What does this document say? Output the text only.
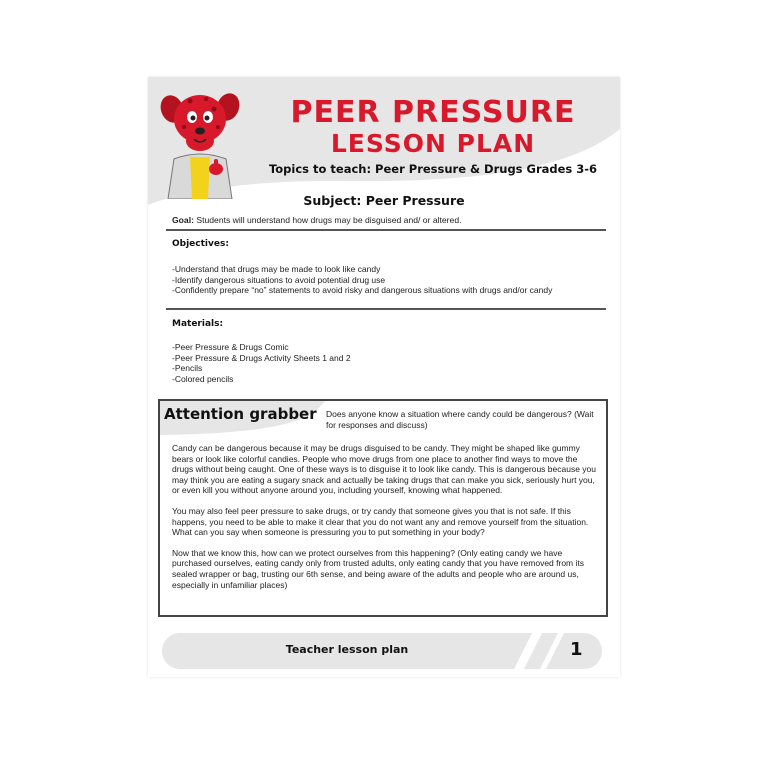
PEER PRESSURE
LESSON PLAN
Topics to teach: Peer Pressure & Drugs Grades 3-6
Subject: Peer Pressure
Goal: Students will understand how drugs may be disguised and/ or altered.
Objectives:
-Understand that drugs may be made to look like candy
-Identify dangerous situations to avoid potential drug use
-Confidently prepare “no” statements to avoid risky and dangerous situations with drugs and/or candy
Materials:
-Peer Pressure & Drugs Comic
-Peer Pressure & Drugs Activity Sheets 1 and 2
-Pencils
-Colored pencils
Attention grabber Does anyone know a situation where candy could be dangerous? (Wait for responses and discuss)

Candy can be dangerous because it may be drugs disguised to be candy. They might be shaped like gummy bears or look like colorful candies. People who move drugs from one place to another find ways to move the drugs without being caught. One of these ways is to disguise it to look like candy. This is dangerous because you may think you are eating a sugary snack and actually be taking drugs that can make you sick, seriously hurt you, or even kill you without anyone around you, including yourself, knowing what happened.

You may also feel peer pressure to sake drugs, or try candy that someone gives you that is not safe. If this happens, you need to be able to make it clear that you do not want any and remove yourself from the situation. What can you say when someone is pressuring you to put something in your body?

Now that we know this, how can we protect ourselves from this happening? (Only eating candy we have purchased ourselves, eating candy only from trusted adults, only eating candy that you have removed from its sealed wrapper or bag, trusting our 6th sense, and being aware of the adults and people who are around us, especially in unfamiliar places)

Teacher lesson plan	1
